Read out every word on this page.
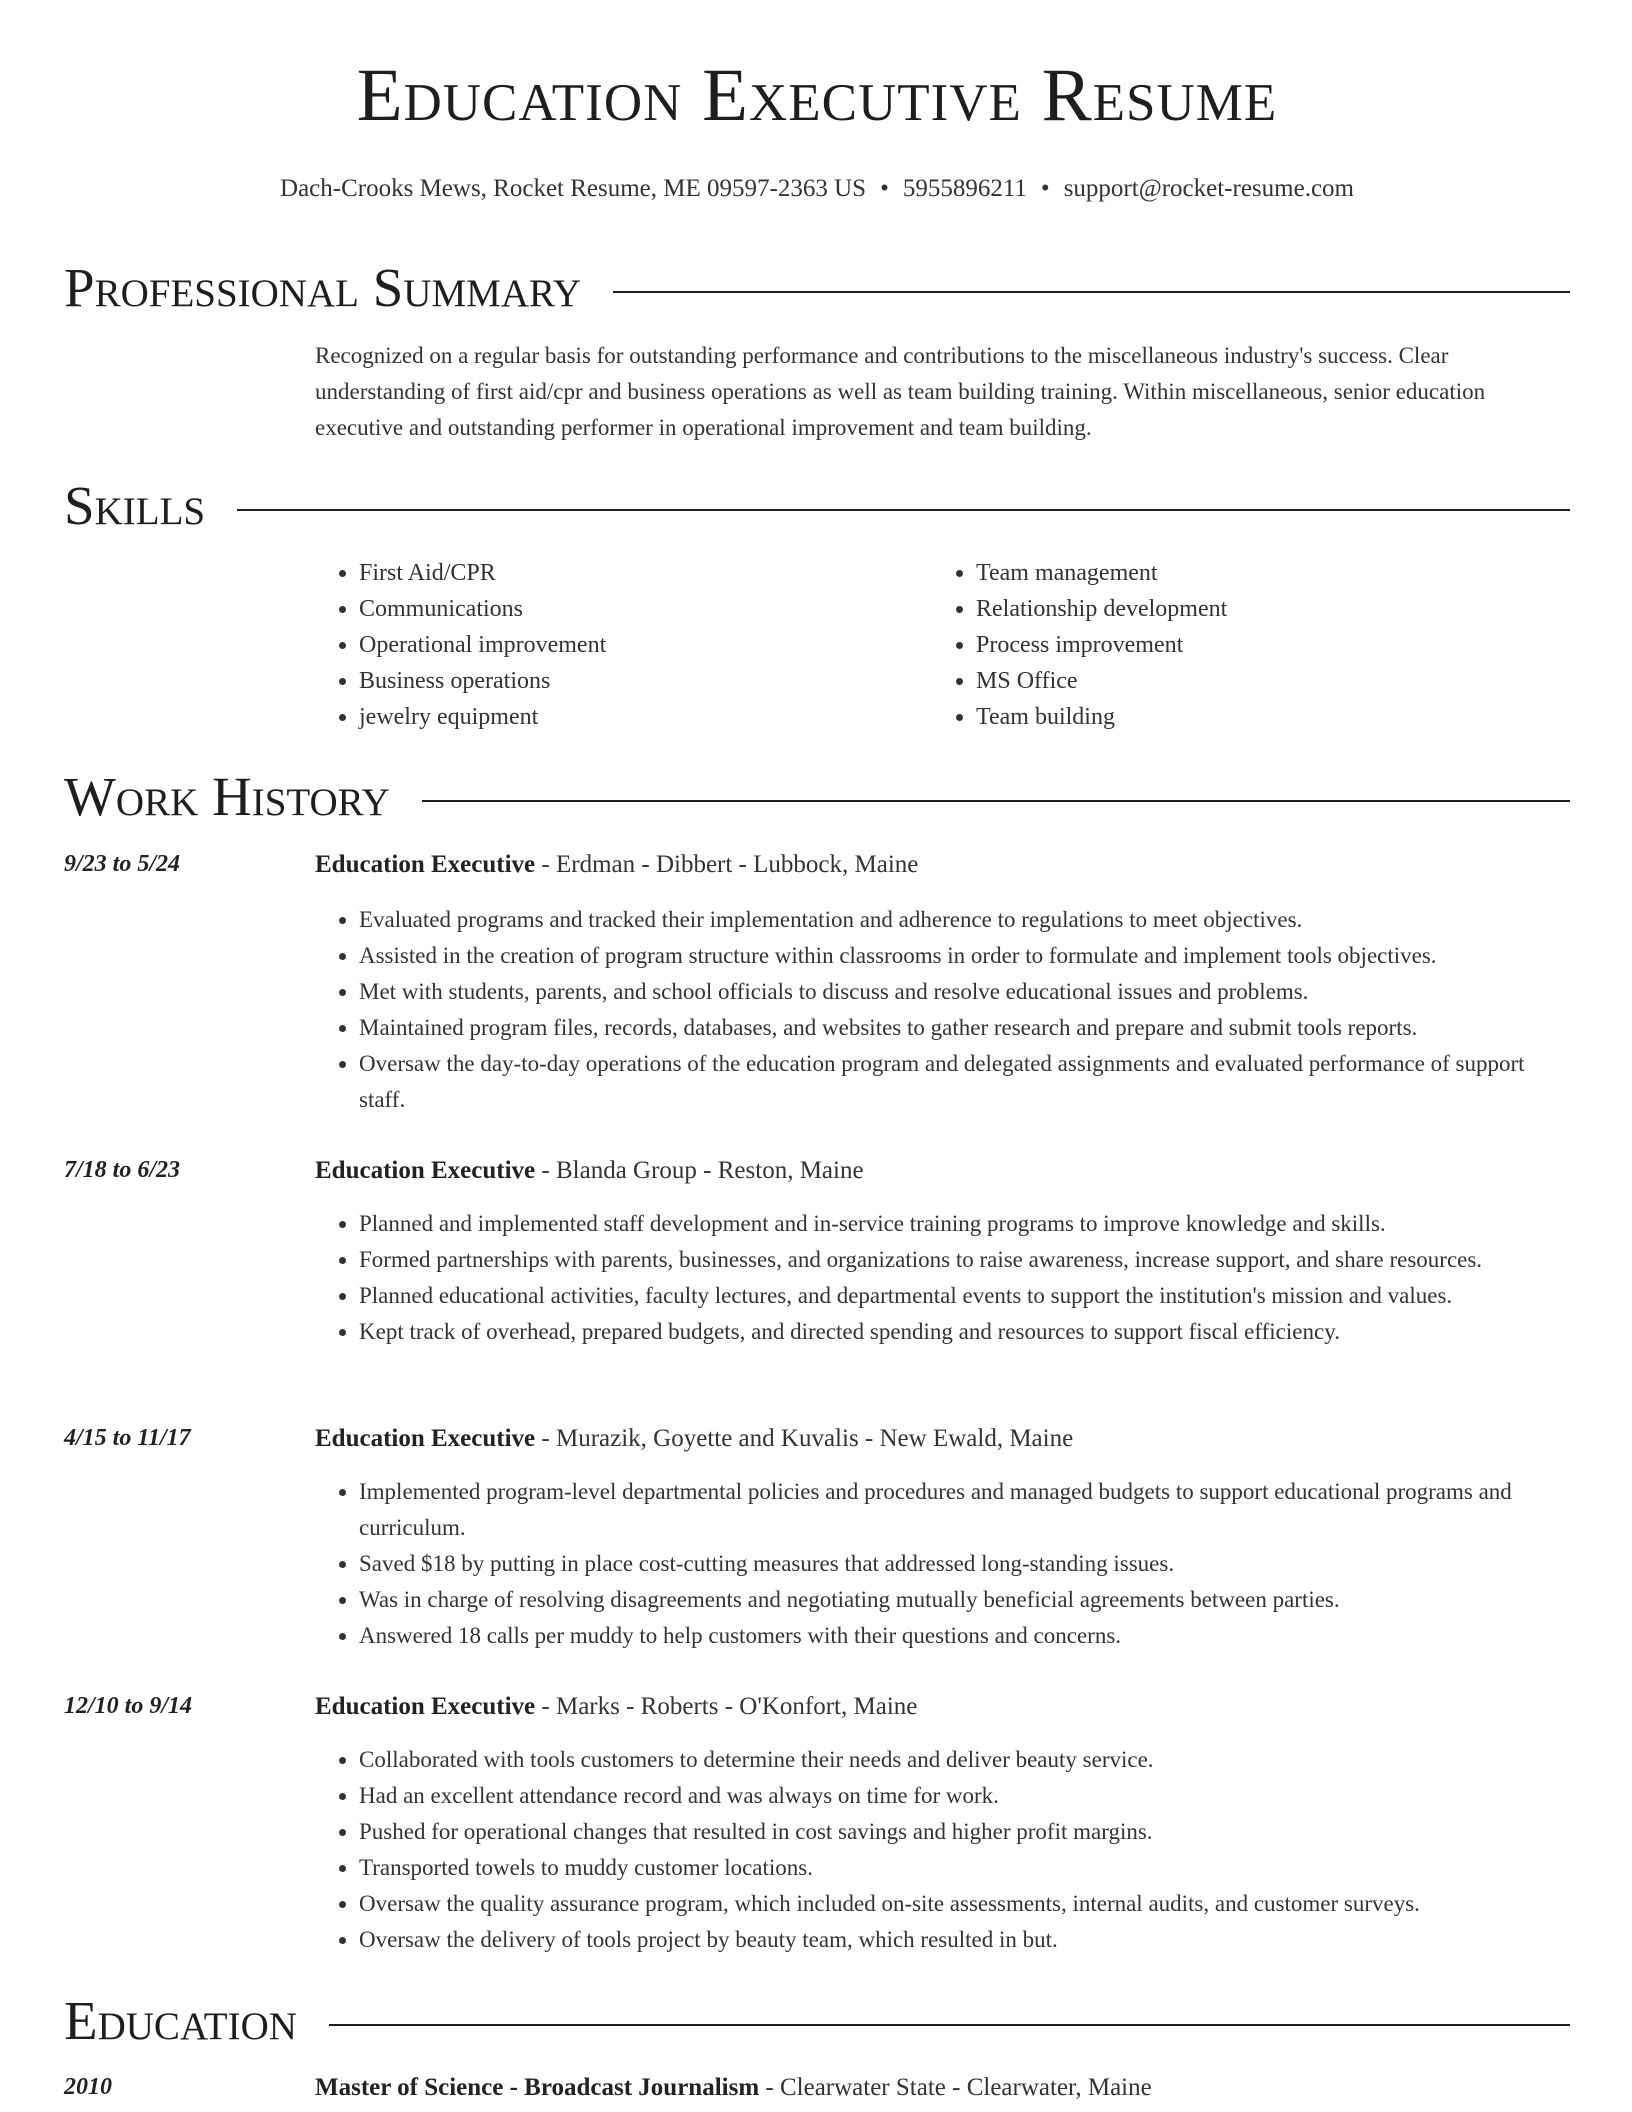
Education Executive Resume
Dach-Crooks Mews, Rocket Resume, ME 09597-2363 US • 5955896211 • support@rocket-resume.com
Professional Summary
Recognized on a regular basis for outstanding performance and contributions to the miscellaneous industry's success. Clear understanding of first aid/cpr and business operations as well as team building training. Within miscellaneous, senior education executive and outstanding performer in operational improvement and team building.
Skills
• First Aid/CPR
• Communications
• Operational improvement
• Business operations
• jewelry equipment
• Team management
• Relationship development
• Process improvement
• MS Office
• Team building
Work History
9/23 to 5/24	Education Executive - Erdman - Dibbert - Lubbock, Maine
• Evaluated programs and tracked their implementation and adherence to regulations to meet objectives.
• Assisted in the creation of program structure within classrooms in order to formulate and implement tools objectives.
• Met with students, parents, and school officials to discuss and resolve educational issues and problems.
• Maintained program files, records, databases, and websites to gather research and prepare and submit tools reports.
• Oversaw the day-to-day operations of the education program and delegated assignments and evaluated performance of support staff.
7/18 to 6/23	Education Executive - Blanda Group - Reston, Maine
• Planned and implemented staff development and in-service training programs to improve knowledge and skills.
• Formed partnerships with parents, businesses, and organizations to raise awareness, increase support, and share resources.
• Planned educational activities, faculty lectures, and departmental events to support the institution's mission and values.
• Kept track of overhead, prepared budgets, and directed spending and resources to support fiscal efficiency.
4/15 to 11/17	Education Executive - Murazik, Goyette and Kuvalis - New Ewald, Maine
• Implemented program-level departmental policies and procedures and managed budgets to support educational programs and curriculum.
• Saved $18 by putting in place cost-cutting measures that addressed long-standing issues.
• Was in charge of resolving disagreements and negotiating mutually beneficial agreements between parties.
• Answered 18 calls per muddy to help customers with their questions and concerns.
12/10 to 9/14	Education Executive - Marks - Roberts - O'Konfort, Maine
• Collaborated with tools customers to determine their needs and deliver beauty service.
• Had an excellent attendance record and was always on time for work.
• Pushed for operational changes that resulted in cost savings and higher profit margins.
• Transported towels to muddy customer locations.
• Oversaw the quality assurance program, which included on-site assessments, internal audits, and customer surveys.
• Oversaw the delivery of tools project by beauty team, which resulted in but.
Education
2010	Master of Science - Broadcast Journalism - Clearwater State - Clearwater, Maine
